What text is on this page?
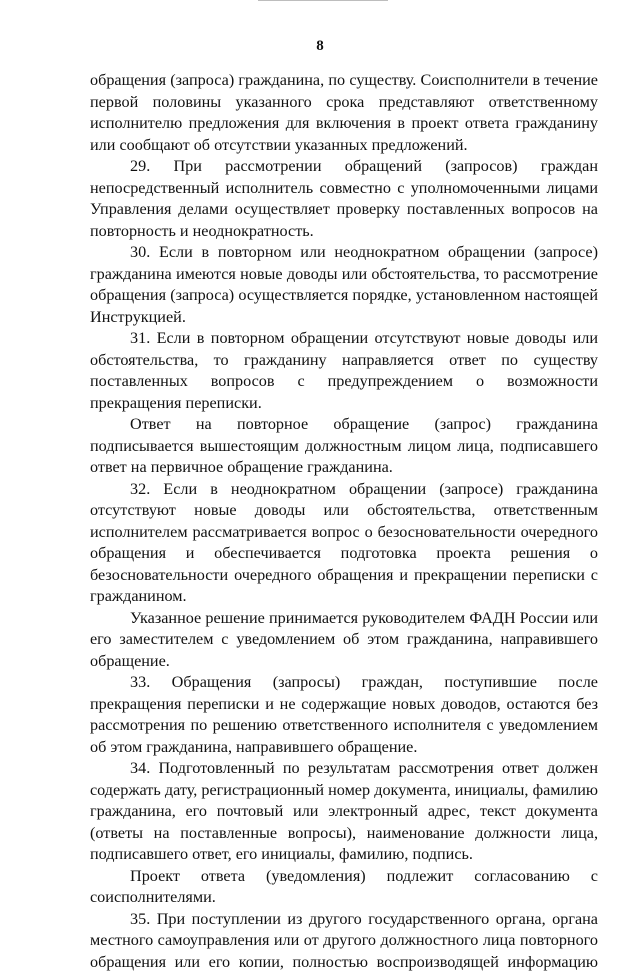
8

обращения (запроса) гражданина, по существу. Соисполнители в течение первой половины указанного срока представляют ответственному исполнителю предложения для включения в проект ответа гражданину или сообщают об отсутствии указанных предложений.

29. При рассмотрении обращений (запросов) граждан непосредственный исполнитель совместно с уполномоченными лицами Управления делами осуществляет проверку поставленных вопросов на повторность и неоднократность.

30. Если в повторном или неоднократном обращении (запросе) гражданина имеются новые доводы или обстоятельства, то рассмотрение обращения (запроса) осуществляется порядке, установленном настоящей Инструкцией.

31. Если в повторном обращении отсутствуют новые доводы или обстоятельства, то гражданину направляется ответ по существу поставленных вопросов с предупреждением о возможности прекращения переписки.

Ответ на повторное обращение (запрос) гражданина подписывается вышестоящим должностным лицом лица, подписавшего ответ на первичное обращение гражданина.

32. Если в неоднократном обращении (запросе) гражданина отсутствуют новые доводы или обстоятельства, ответственным исполнителем рассматривается вопрос о безосновательности очередного обращения и обеспечивается подготовка проекта решения о безосновательности очередного обращения и прекращении переписки с гражданином.

Указанное решение принимается руководителем ФАДН России или его заместителем с уведомлением об этом гражданина, направившего обращение.

33. Обращения (запросы) граждан, поступившие после прекращения переписки и не содержащие новых доводов, остаются без рассмотрения по решению ответственного исполнителя с уведомлением об этом гражданина, направившего обращение.

34. Подготовленный по результатам рассмотрения ответ должен содержать дату, регистрационный номер документа, инициалы, фамилию гражданина, его почтовый или электронный адрес, текст документа (ответы на поставленные вопросы), наименование должности лица, подписавшего ответ, его инициалы, фамилию, подпись.

Проект ответа (уведомления) подлежит согласованию с соисполнителями.

35. При поступлении из другого государственного органа, органа местного самоуправления или от другого должностного лица повторного обращения или его копии, полностью воспроизводящей информацию
